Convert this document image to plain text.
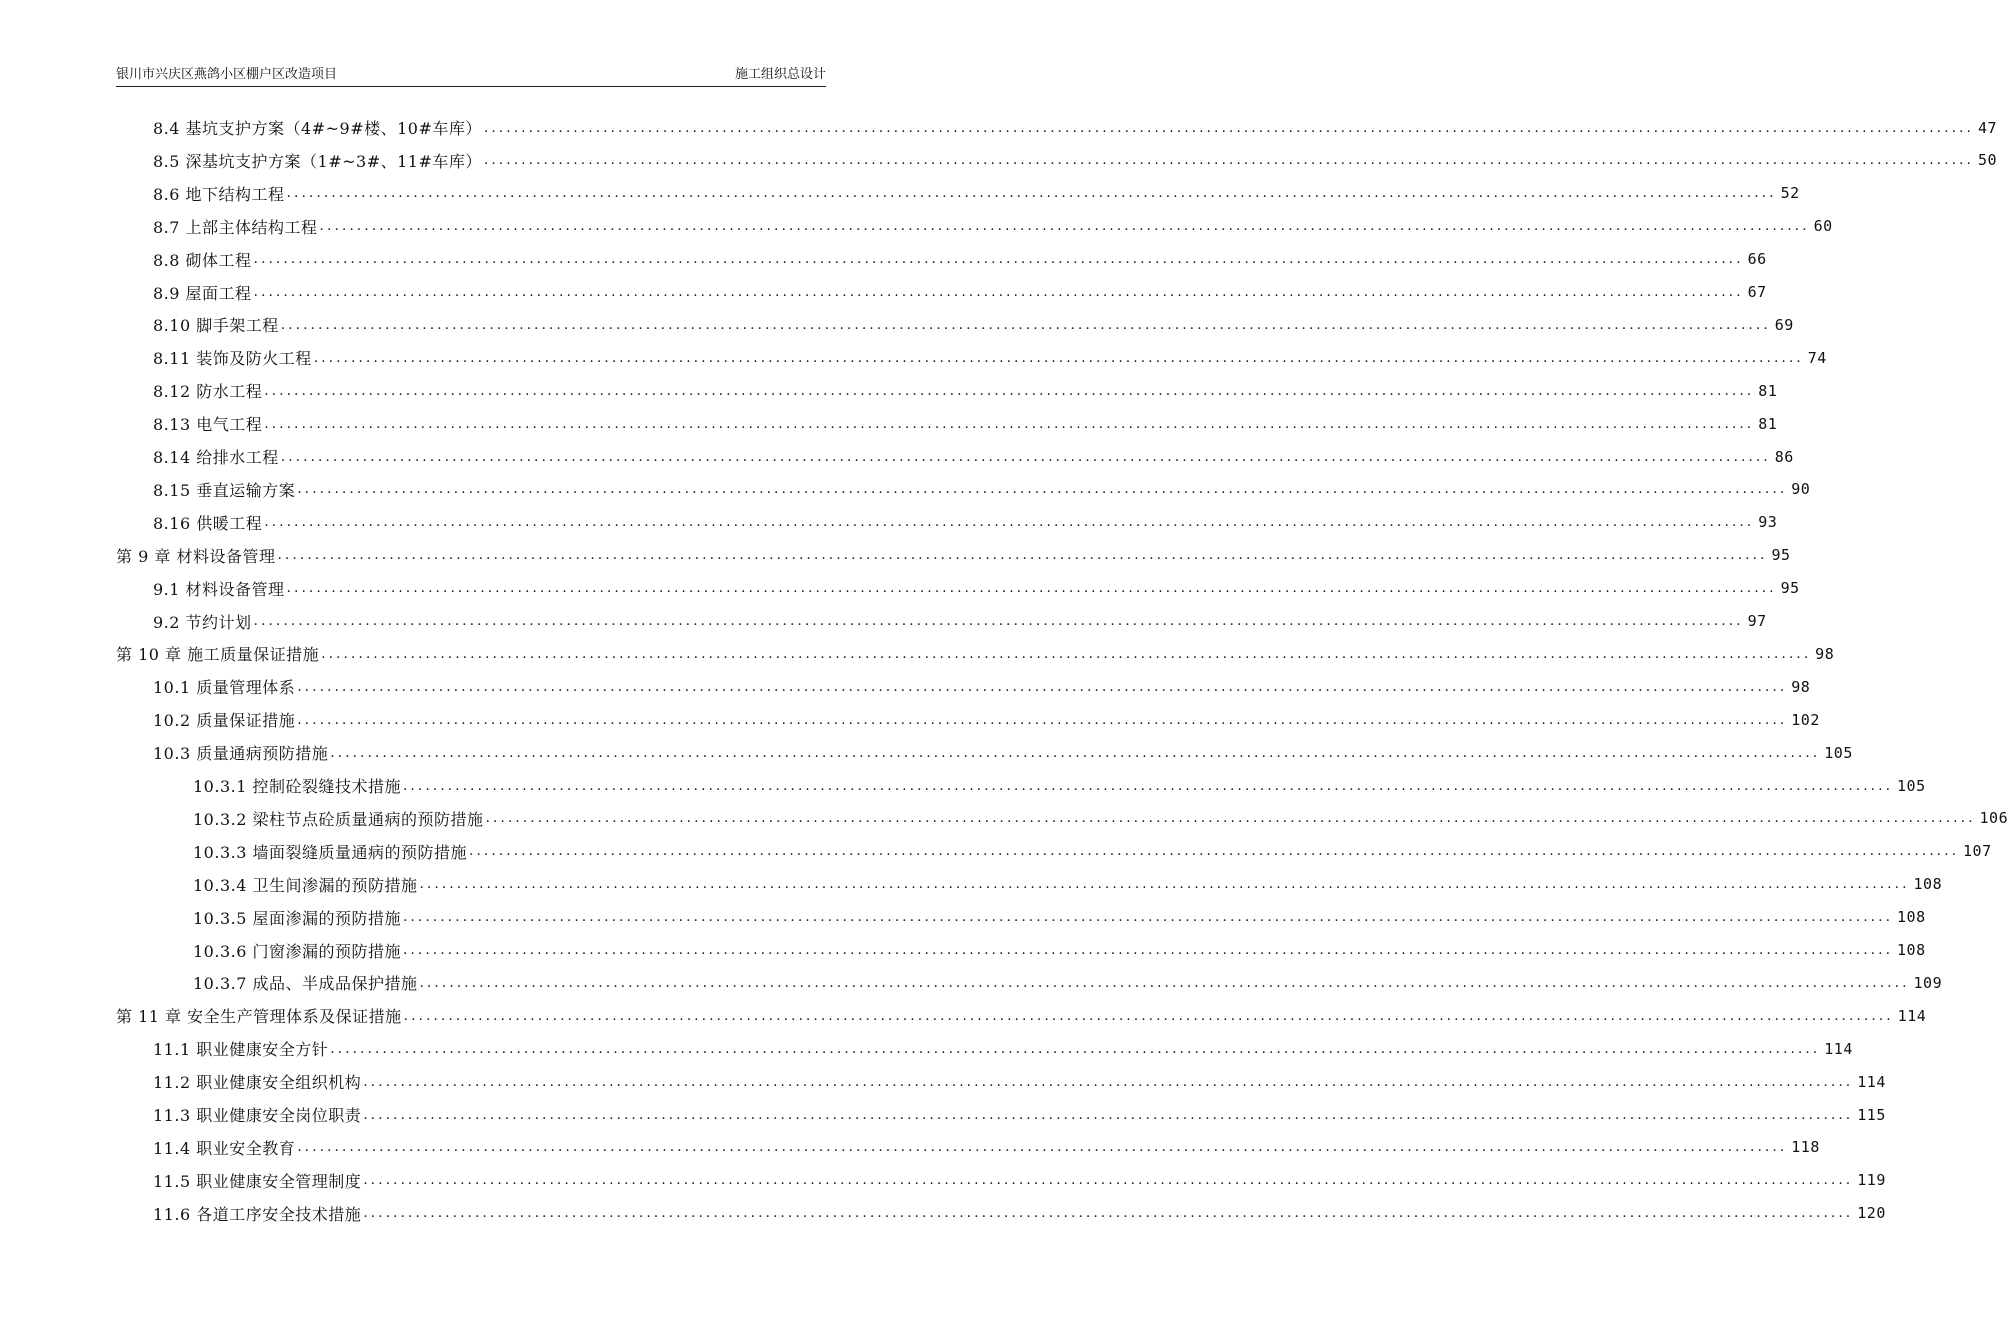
银川市兴庆区燕鸽小区棚户区改造项目	施工组织总设计
8.4 基坑支护方案（4#~9#楼、10#车库） ........................................................................................................................................................................................................ 47
8.5 深基坑支护方案（1#~3#、11#车库） ........................................................................................................................................................................................................ 50
8.6 地下结构工程 ........................................................................................................................................................................................................ 52
8.7 上部主体结构工程 ........................................................................................................................................................................................................ 60
8.8 砌体工程 ........................................................................................................................................................................................................ 66
8.9 屋面工程 ........................................................................................................................................................................................................ 67
8.10 脚手架工程 ........................................................................................................................................................................................................ 69
8.11 装饰及防火工程 ........................................................................................................................................................................................................ 74
8.12 防水工程 ........................................................................................................................................................................................................ 81
8.13 电气工程 ........................................................................................................................................................................................................ 81
8.14 给排水工程 ........................................................................................................................................................................................................ 86
8.15 垂直运输方案 ........................................................................................................................................................................................................ 90
8.16 供暖工程 ........................................................................................................................................................................................................ 93
第 9 章 材料设备管理 ........................................................................................................................................................................................................ 95
9.1 材料设备管理 ........................................................................................................................................................................................................ 95
9.2 节约计划 ........................................................................................................................................................................................................ 97
第 10 章 施工质量保证措施 ........................................................................................................................................................................................................ 98
10.1 质量管理体系 ........................................................................................................................................................................................................ 98
10.2 质量保证措施 ........................................................................................................................................................................................................ 102
10.3 质量通病预防措施 ........................................................................................................................................................................................................ 105
10.3.1 控制砼裂缝技术措施 ........................................................................................................................................................................................................ 105
10.3.2 梁柱节点砼质量通病的预防措施 ........................................................................................................................................................................................................ 106
10.3.3 墙面裂缝质量通病的预防措施 ........................................................................................................................................................................................................ 107
10.3.4 卫生间渗漏的预防措施 ........................................................................................................................................................................................................ 108
10.3.5 屋面渗漏的预防措施 ........................................................................................................................................................................................................ 108
10.3.6 门窗渗漏的预防措施 ........................................................................................................................................................................................................ 108
10.3.7 成品、半成品保护措施 ........................................................................................................................................................................................................ 109
第 11 章 安全生产管理体系及保证措施 ........................................................................................................................................................................................................ 114
11.1 职业健康安全方针 ........................................................................................................................................................................................................ 114
11.2 职业健康安全组织机构 ........................................................................................................................................................................................................ 114
11.3 职业健康安全岗位职责 ........................................................................................................................................................................................................ 115
11.4 职业安全教育 ........................................................................................................................................................................................................ 118
11.5 职业健康安全管理制度 ........................................................................................................................................................................................................ 119
11.6 各道工序安全技术措施 ........................................................................................................................................................................................................ 120
